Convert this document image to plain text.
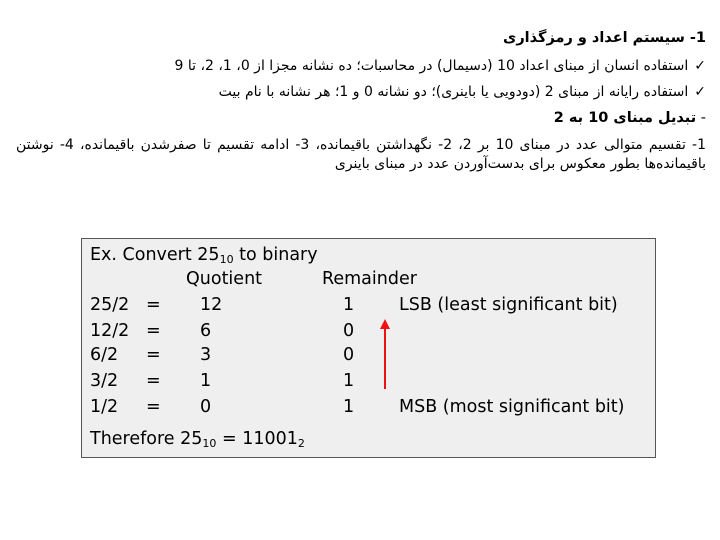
1- سیستم اعداد و رمزگذاری
✓استفاده انسان از مبنای اعداد 10 (دسیمال) در محاسبات؛ ده نشانه مجزا از 0، 1، 2، تا 9
✓استفاده رایانه از مبنای 2 (دودویی یا باینری)؛ دو نشانه 0 و 1؛ هر نشانه با نام بیت
- تبدیل مبنای 10 به 2
1- تقسیم متوالی عدد در مبنای 10 بر 2، 2- نگهداشتن باقیمانده، 3- ادامه تقسیم تا صفرشدن باقیمانده، 4- نوشتن باقیمانده‌ها بطور معکوس برای بدست‌آوردن عدد در مبنای باینری
Ex. Convert $25_{10}$ to binary
Quotient	Remainder
25/2 = 12	1	LSB (least significant bit)
12/2 = 6	0
6/2 = 3	0
3/2 = 1	1
1/2 = 0	1	MSB (most significant bit)
Therefore $25_{10} = 11001_2$
